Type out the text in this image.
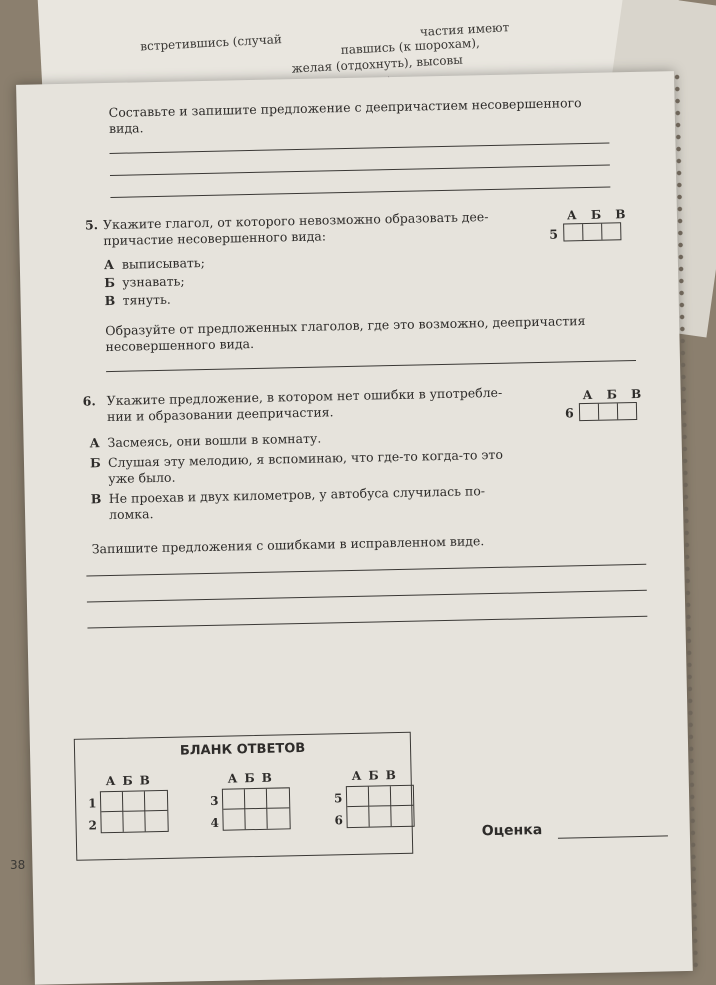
частия имеют
павшись (к шорохам),
желая (отдохнуть), высовы
встретившись (случай
Составьте и запишите предложение с деепричастием несовершенного
вида.
5. Укажите глагол, от которого невозможно образовать дее-
причастие несовершенного вида:
А Б В
5
А выписывать;
Б узнавать;
В тянуть.
Образуйте от предложенных глаголов, где это возможно, деепричастия
несовершенного вида.
6. Укажите предложение, в котором нет ошибки в употребле-
нии и образовании деепричастия.
А Б В
6
А Засмеясь, они вошли в комнату.
Б Слушая эту мелодию, я вспоминаю, что где-то когда-то это
уже было.
В Не проехав и двух километров, у автобуса случилась по-
ломка.
Запишите предложения с ошибками в исправленном виде.
БЛАНК ОТВЕТОВ
АБВ
1
2
АБВ
3
4
АБВ
5
6
Оценка
38
